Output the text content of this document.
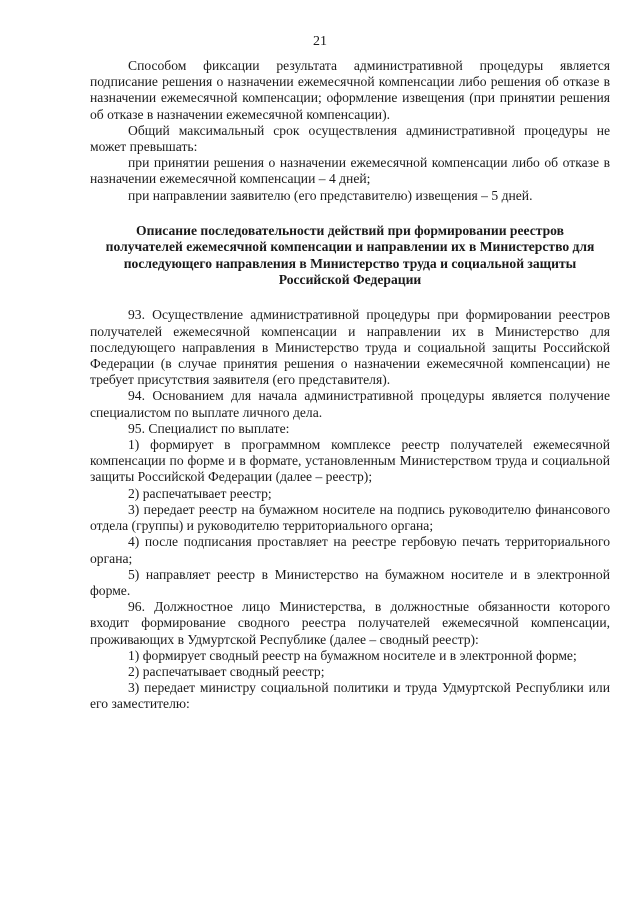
21

Способом фиксации результата административной процедуры является подписание решения о назначении ежемесячной компенсации либо решения об отказе в назначении ежемесячной компенсации; оформление извещения (при принятии решения об отказе в назначении ежемесячной компенсации).

Общий максимальный срок осуществления административной процедуры не может превышать:

при принятии решения о назначении ежемесячной компенсации либо об отказе в назначении ежемесячной компенсации – 4 дней;

при направлении заявителю (его представителю) извещения – 5 дней.

Описание последовательности действий при формировании реестров получателей ежемесячной компенсации и направлении их в Министерство для последующего направления в Министерство труда и социальной защиты Российской Федерации

93. Осуществление административной процедуры при формировании реестров получателей ежемесячной компенсации и направлении их в Министерство для последующего направления в Министерство труда и социальной защиты Российской Федерации (в случае принятия решения о назначении ежемесячной компенсации) не требует присутствия заявителя (его представителя).

94. Основанием для начала административной процедуры является получение специалистом по выплате личного дела.

95. Специалист по выплате:

1) формирует в программном комплексе реестр получателей ежемесячной компенсации по форме и в формате, установленным Министерством труда и социальной защиты Российской Федерации (далее – реестр);

2) распечатывает реестр;

3) передает реестр на бумажном носителе на подпись руководителю финансового отдела (группы) и руководителю территориального органа;

4) после подписания проставляет на реестре гербовую печать территориального органа;

5) направляет реестр в Министерство на бумажном носителе и в электронной форме.

96. Должностное лицо Министерства, в должностные обязанности которого входит формирование сводного реестра получателей ежемесячной компенсации, проживающих в Удмуртской Республике (далее – сводный реестр):

1) формирует сводный реестр на бумажном носителе и в электронной форме;

2) распечатывает сводный реестр;

3) передает министру социальной политики и труда Удмуртской Республики или его заместителю:
